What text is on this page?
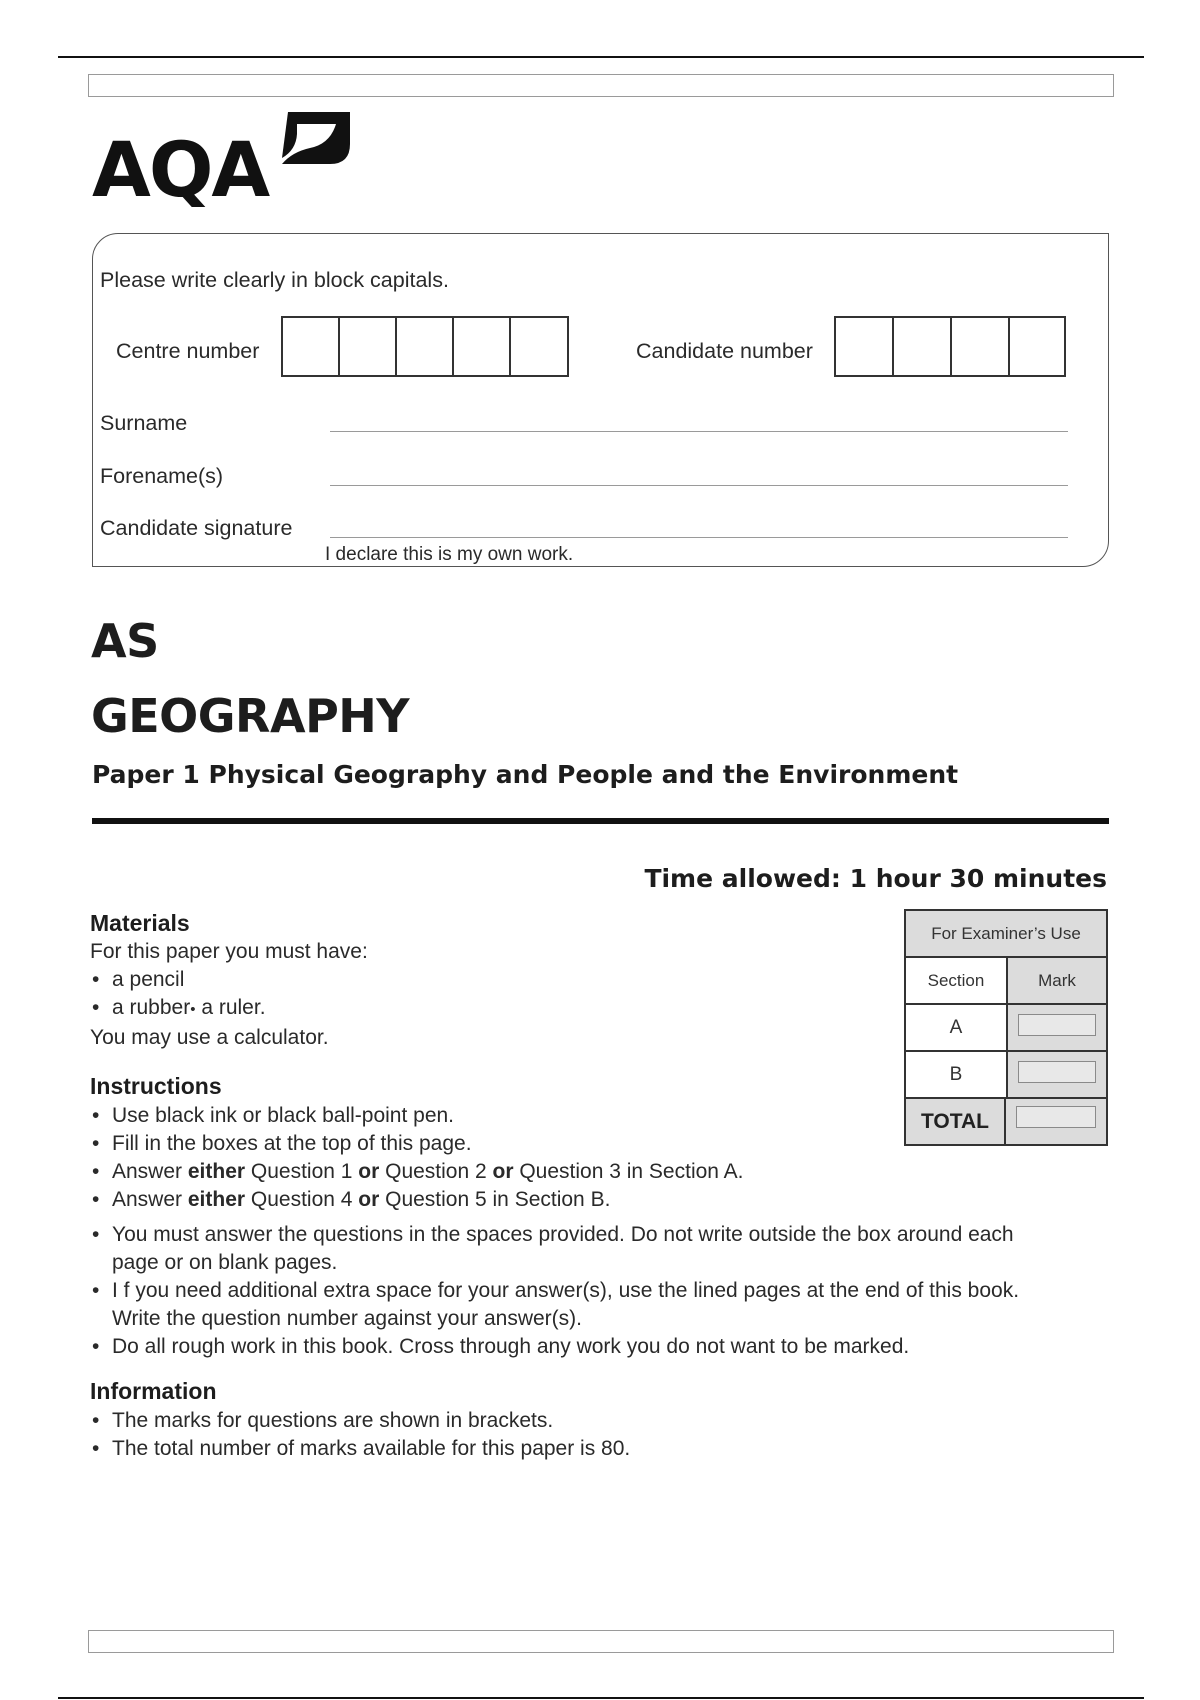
AQA
Please write clearly in block capitals.
Centre number	Candidate number
Surname
Forename(s)
Candidate signature
I declare this is my own work.
AS
GEOGRAPHY
Paper 1 Physical Geography and People and the Environment
Time allowed: 1 hour 30 minutes
Materials
For this paper you must have:
• a pencil
• a rubber• a ruler.
You may use a calculator.
Instructions
• Use black ink or black ball-point pen.
• Fill in the boxes at the top of this page.
• Answer either Question 1 or Question 2 or Question 3 in Section A.
• Answer either Question 4 or Question 5 in Section B.
• You must answer the questions in the spaces provided. Do not write outside the box around each
page or on blank pages.
• I f you need additional extra space for your answer(s), use the lined pages at the end of this book.
Write the question number against your answer(s).
• Do all rough work in this book. Cross through any work you do not want to be marked.
Information
• The marks for questions are shown in brackets.
• The total number of marks available for this paper is 80.
For Examiner’s Use
Section	Mark
A
B
TOTAL
